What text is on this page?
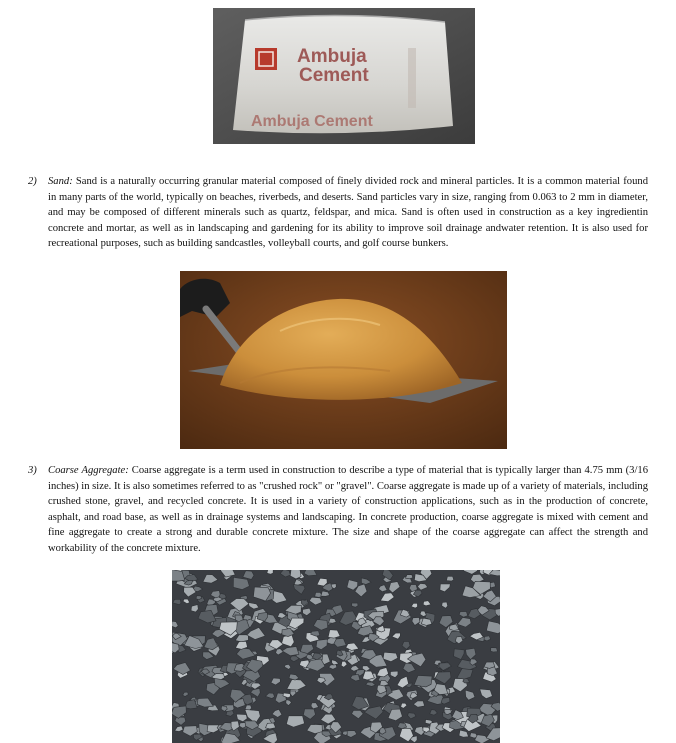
Ambuja
Cement
Ambuja Cement
2) Sand: Sand is a naturally occurring granular material composed of finely divided rock and mineral particles. It is a common material found in many parts of the world, typically on beaches, riverbeds, and deserts. Sand particles vary in size, ranging from 0.063 to 2 mm in diameter, and may be composed of different minerals such as quartz, feldspar, and mica. Sand is often used in construction as a key ingredientin concrete and mortar, as well as in landscaping and gardening for its ability to improve soil drainage andwater retention. It is also used for recreational purposes, such as building sandcastles, volleyball courts, and golf course bunkers.
3) Coarse Aggregate: Coarse aggregate is a term used in construction to describe a type of material that is typically larger than 4.75 mm (3/16 inches) in size. It is also sometimes referred to as "crushed rock" or "gravel". Coarse aggregate is made up of a variety of materials, including crushed stone, gravel, and recycled concrete. It is used in a variety of construction applications, such as in the production of concrete, asphalt, and road base, as well as in drainage systems and landscaping. In concrete production, coarse aggregate is mixed with cement and fine aggregate to create a strong and durable concrete mixture. The size and shape of the coarse aggregate can affect the strength and workability of the concrete mixture.
